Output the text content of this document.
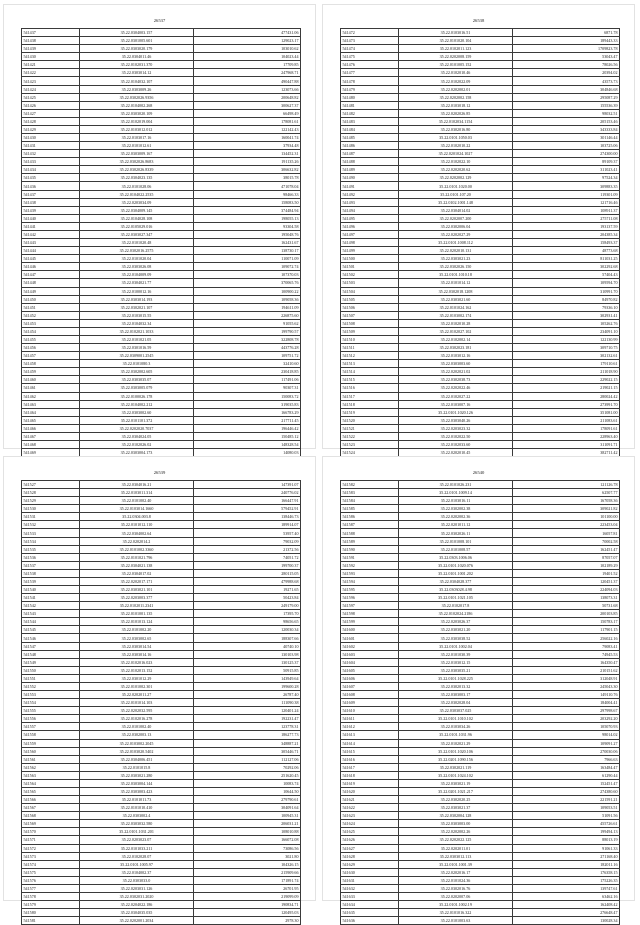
26537
541437	35.22.0304003.157	477431.06
541438	35.22.0301005.601	129023.17
541439	35.22.0303020.179	103010.62
541430	35.22.0304011.46	104023.44
541421	35.22.0102031.370	17709.85
541422	35.22.0303014.12	247968.71
541423	35.22.0104032.107	490447.88
541424	35.22.0303009.26	123073.66
541425	35.22.0302026.9356	200648.82
541426	35.22.0104002.268	300627.37
541427	35.22.0303020.109	66498.49
541428	35.22.0102019.004	178081.61
541429	35.22.0103012.012	122142.43
541430	35.22.0103017.16	160041.74
541431	35.22.0101012.61	37934.48
541432	35.22.0303009.167	134452.31
541433	35.22.0302026.8683	191135.26
541434	35.22.0302026.8339	306632.82
541435	35.22.0304023.135	38015.78
541436	35.22.0101028.06	471078.04
541437	35.22.0104022.2535	98466.33
541438	35.22.0203034.09	158083.50
541439	35.22.0304009.145	374484.94
541440	35.22.0104028.108	198055.13
541441	35.22.0105029.016	93304.58
541442	35.22.0303027.347	195048.76
541443	35.22.0101020.48	162431.67
541444	35.22.0302016.2575	138730.17
541445	35.22.0101020.04	110071.09
541446	35.22.0303026.08	109072.74
541447	35.22.0104009.09	107370.03
541448	35.22.0304021.77	370065.76
541449	35.22.0100012.16	100900.22
541450	35.22.0303014.193	109058.36
541451	35.22.0302021.107	194611.09
541452	35.22.0103015.55	226875.60
541453	35.22.0104032.34	91055.62
541454	35.22.0102021.1033	199790.57
541455	35.22.0101021.05	322808.78
541456	35.22.0301016.59	443776.28
541457	35.22.0309001.2545	109751.72
541458	35.22.0101080.3	32410.60
541459	35.22.0302002.605	230418.85
541460	35.22.0303035.07	117491.06
541461	35.22.0303005.079	90307.31
541462	35.22.0100026.178	150083.72
541463	35.22.0104002.212	319035.83
541464	35.22.0303002.60	166783.29
541465	35.22.0101101.372	217711.45
541466	35.22.0202020.7037	196446.42
541467	35.22.0304024.05	150485.12
541468	35.22.0102026.02	148328.54
541469	35.22.0303004.173	14080.03

26538
541472	35.22.0103016.51	6871.78
541473	35.22.0101020.104	189443.33
541474	35.22.0102011.123	1709823.78
541475	35.22.0202008.159	53043.47
541476	35.22.0101005.152	78026.56
541477	35.22.0102010.46	20394.02
541478	35.22.0102022.09	43573.73
541479	35.22.0202002.01	304846.68
541480	35.22.0202002.158	295087.29
541481	35.22.0103018.12	155536.39
541482	35.22.0202026.85	98032.51
541483	35.22.0102034.1154	205153.46
541484	35.22.0302016.80	343333.84
541485	35.22.0101.1050.03	301146.44
541486	35.22.0102010.22	103725.06
541487	35.22.0201024.1027	274300.00
541488	35.22.0102022.10	89109.37
541489	35.22.0202020.62	311023.41
541490	35.22.0202002.129	97524.34
541491	35.22.0101.1020.00	309883.35
541492	35.22.0101.107.20	119301.09
541493	35.22.0102.1001.148	121716.46
541494	35.22.0304014.02	108911.37
541495	35.22.0202007.200	275711.08
541496	35.22.0302006.04	193137.59
541497	35.22.0202027.29	204385.34
541498	35.22.0101.1008.112	158493.37
541499	35.22.0202010.131	48773.68
541500	35.22.0303021.23	811031.25
541501	35.22.0302026.150	302292.68
541502	35.22.0101.1010.18	57404.43
541503	35.22.0101014.12	109594.70
541504	35.22.0302018.1208	310991.70
541505	35.22.0303021.60	84970.82
541506	35.22.0101024.162	79336.10
541507	35.22.0103002.174	302931.41
541508	35.22.0102010.28	105262.76
541509	35.22.0102027.102	234091.10
541510	35.22.0102002.14	122130.99
541511	35.22.0302023.181	309710.75
541512	35.22.0103012.16	302132.61
541513	35.22.0303003.60	179110.61
541514	35.22.0202021.02	211018.90
541515	35.22.0302038.73	229022.15
541516	35.22.0202022.46	219021.15
541517	35.22.0102027.22	280024.42
541518	35.22.0103007.16	273991.70
541519	35.22.0101.1020.126	351081.00
541520	35.22.0303040.26	211083.61
541521	35.22.0203023.32	178091.61
541522	35.22.0102022.50	228963.40
541523	35.22.0102033.60	311091.71
541524	35.22.0202010.45	382711.42

26539
541527	35.22.0304016.21	147391.07
541528	35.22.0103011.314	240776.02
541529	35.22.0101002.40	166447.91
541530	35.22.0103014.1660	579452.91
541531	35.22.0304.003.8	138446.73
541532	35.22.0101012.110	189914.07
541533	35.22.0304002.64	53957.40
541534	35.22.0202014.2	79032.09
541535	35.22.0101002.3360	21372.56
541536	35.22.0101021.796	74051.72
541537	35.22.0304021.138	199700.37
541538	35.22.0304017.02	280115.05
541539	35.22.0202017.171	479988.68
541540	35.22.0303021.101	19271.65
541541	35.22.0203003.377	50423.84
541542	35.22.0102011.2341	249179.00
541543	35.22.0101001.135	17395.70
541544	35.22.0101013.124	98656.65
541545	35.22.0101002.20	120030.34
541546	35.22.0303002.65	188307.66
541547	35.22.0303014.54	40740.10
541548	35.22.0303014.16	130103.98
541549	35.22.0102016.023	130125.37
541550	35.22.0102013.152	50915.85
541551	35.22.0301012.29	143949.64
541552	35.22.0101002.301	199600.28
541553	35.22.0202011.27	26787.40
541554	35.22.0101014.103	111090.38
541555	35.22.0202032.595	120401.24
541556	35.22.0102016.278	192231.47
541557	35.22.0101002.40	123778.31
541558	35.22.0302003.13	186277.73
541559	35.22.0103002.2045	348887.21
541560	35.22.0103020.5402	305446.71
541561	35.22.0304006.451	112127.06
541562	35.22.0101015.8	70292.06
541563	35.22.0303021.280	251620.45
541564	35.22.0303004.144	10083.74
541565	35.22.0303003.423	10644.50
541566	35.22.0101011.73	279790.61
541567	35.22.0101010.410	304091.64
541568	35.22.0303002.4	100945.31
541569	35.22.0303032.580	206031.21
541570	35.22.0101.1031.201	108010.88
541571	35.22.0203023.07	166072.08
541572	35.22.0101033.211	73086.56
541573	35.22.0102028.07	3021.80
541574	35.22.0101.1005.97	104326.15
541575	35.22.0104002.37	215909.66
541576	35.22.0303033.0	171891.74
541577	35.22.0203031.126	26701.95
541578	35.22.0302031.2020	219099.09
541579	35.22.0204022.186	190834.71
541580	35.22.0304035.035	120495.03
541581	35.22.0202001.2034	2978.30
26540
541582	35.22.0101026.231	121126.78
541583	35.22.0101.1009.14	62507.77
541584	35.22.0103016.11	167058.36
541585	35.22.0302002.38	309021.82
541586	35.22.0202002.36	101100.00
541587	35.22.0201011.12	223453.04
541588	35.22.0302026.11	16057.81
541589	35.22.0101008.101	70002.58
541590	35.22.0101008.57	162451.47
541591	35.22.0303.1006.06	87057.07
541592	35.22.0101.1020.076	102189.29
541593	35.22.0101.1001.202	19401.52
541594	35.22.0304028.377	120451.37
541595	35.22.0303028.4.98	224094.03
541596	35.22.0101.1021.105	138073.31
541597	35.22.0102017.8	50731.68
541598	35.22.0102024.2186	200103.85
541599	35.22.0203026.37	150783.17
541600	35.22.0303021.20	117901.15
541601	35.22.0303038.52	256022.16
541602	35.22.0101.1002.04	79083.41
541603	35.22.0101030.39	74945.53
541604	35.22.0103012.15	164350.47
541605	35.22.0303035.21	210151.62
541606	35.22.0101.1028.225	312048.91
541607	35.22.0302013.32	245043.30
541608	35.22.0303003.17	149110.76
541609	35.22.0302028.04	184004.41
541610	35.22.0303037.025	297998.67
541611	35.22.0101.1010.102	203292.20
541612	35.22.0103034.26	105070.93
541613	35.22.0101.1031.96	98014.02
541614	35.22.0102021.29	109091.27
541615	35.22.0101.1020.106	270030.06
541616	35.22.0201.1090.156	7966.63
541617	35.22.0302021.119	163484.47
541618	35.22.0101.1024.102	61290.44
541619	35.22.0303021.19	152451.47
541620	35.22.0201.1021.217	274380.60
541621	35.22.0302020.25	221591.21
541622	35.22.0303021.37	109053.51
541623	35.22.0302004.128	51091.56
541624	35.22.0303003.00	455726.61
541625	35.22.0202002.26	199494.13
541626	35.22.0202022.125	88013.19
541627	35.22.0202011.01	91061.33
541628	35.22.0303012.113	271168.40
541629	35.22.0101.1001.39	182011.16
541630	35.22.0202016.17	176358.15
541631	35.22.0101024.36	175226.35
541632	35.22.0302016.76	139747.61
541633	35.22.0202007.06	63462.16
541634	35.22.0101.1002.19	162408.42
541635	35.22.0101016.322	276648.47
541636	35.22.0101003.63	130028.34
